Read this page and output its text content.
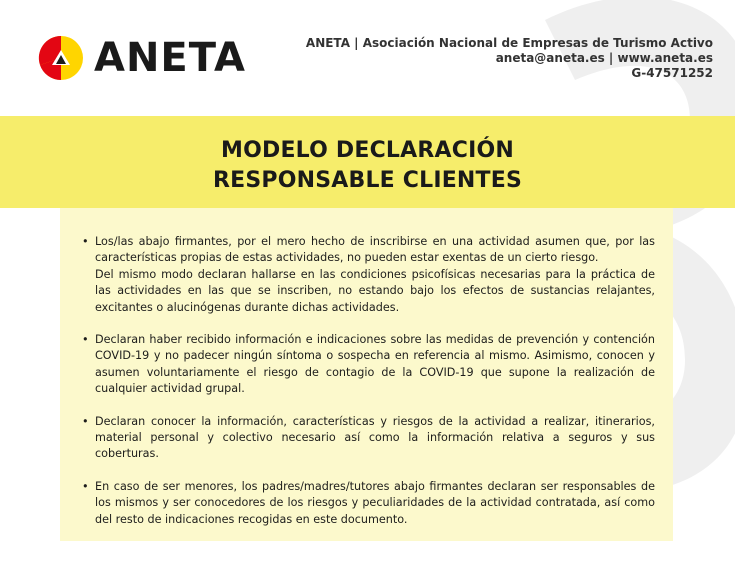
ANETA	ANETA | Asociación Nacional de Empresas de Turismo Activo
aneta@aneta.es | www.aneta.es
G-47571252
MODELO DECLARACIÓN
RESPONSABLE CLIENTES
• Los/las abajo firmantes, por el mero hecho de inscribirse en una actividad asumen que, por las características propias de estas actividades, no pueden estar exentas de un cierto riesgo.
Del mismo modo declaran hallarse en las condiciones psicofísicas necesarias para la práctica de las actividades en las que se inscriben, no estando bajo los efectos de sustancias relajantes, excitantes o alucinógenas durante dichas actividades.
• Declaran haber recibido información e indicaciones sobre las medidas de prevención y contención COVID-19 y no padecer ningún síntoma o sospecha en referencia al mismo. Asimismo, conocen y asumen voluntariamente el riesgo de contagio de la COVID-19 que supone la realización de cualquier actividad grupal.
• Declaran conocer la información, características y riesgos de la actividad a realizar, itinerarios, material personal y colectivo necesario así como la información relativa a seguros y sus coberturas.
• En caso de ser menores, los padres/madres/tutores abajo firmantes declaran ser responsables de los mismos y ser conocedores de los riesgos y peculiaridades de la actividad contratada, así como del resto de indicaciones recogidas en este documento.
